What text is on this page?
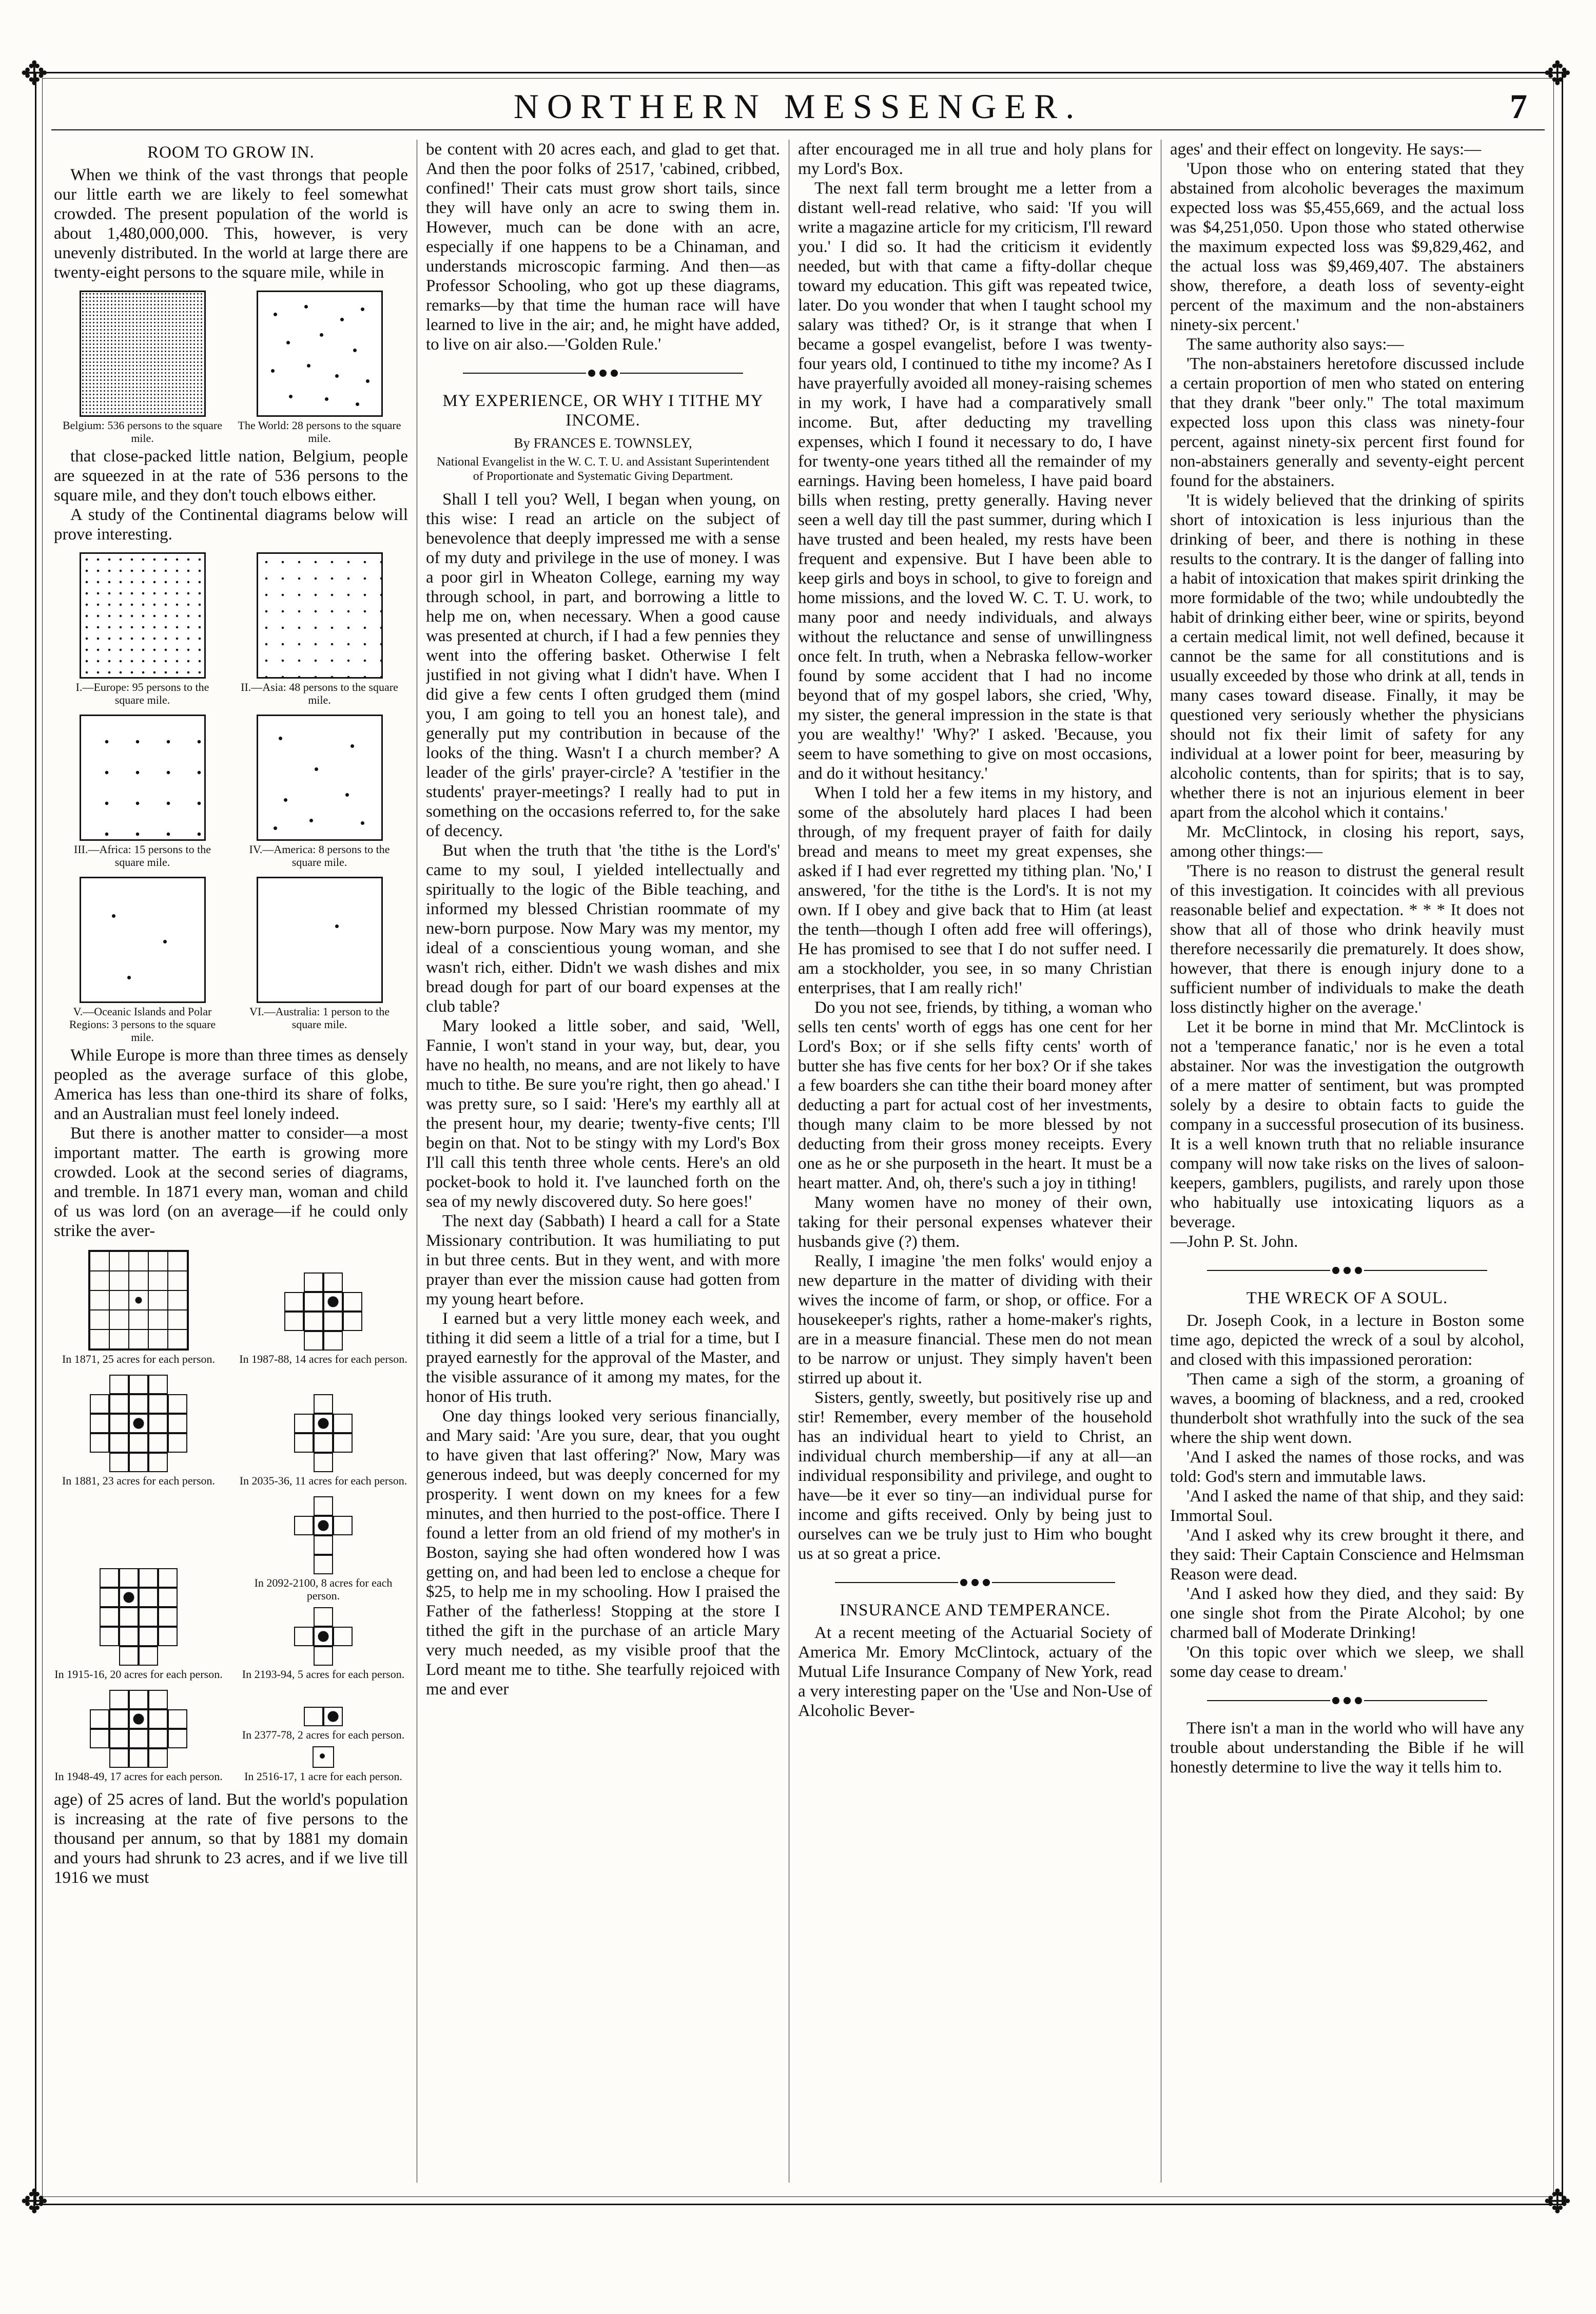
✥	✥
✥	✥
NORTHERN MESSENGER.	7
ROOM TO GROW IN.

When we think of the vast throngs that people our little earth we are likely to feel somewhat crowded. The present population of the world is about 1,480,000,000. This, however, is very unevenly distributed. In the world at large there are twenty-eight persons to the square mile, while in

Belgium: 536 persons to the square mile.
The World: 28 persons to the square mile.

that close-packed little nation, Belgium, people are squeezed in at the rate of 536 persons to the square mile, and they don't touch elbows either.

A study of the Continental diagrams below will prove interesting.

I.—Europe: 95 persons to the square mile.
II.—Asia: 48 persons to the square mile.
III.—Africa: 15 persons to the square mile.
IV.—America: 8 persons to the square mile.
V.—Oceanic Islands and Polar Regions: 3 persons to the square mile.
VI.—Australia: 1 person to the square mile.

While Europe is more than three times as densely peopled as the average surface of this globe, America has less than one-third its share of folks, and an Australian must feel lonely indeed.

But there is another matter to consider—a most important matter. The earth is growing more crowded. Look at the second series of diagrams, and tremble. In 1871 every man, woman and child of us was lord (on an average—if he could only strike the aver-

In 1871, 25 acres for each person.	In 1987-88, 14 acres for each person.
In 1881, 23 acres for each person.	In 2035-36, 11 acres for each person.
In 1915-16, 20 acres for each person.
In 2092-2100, 8 acres for each person.
In 2193-94, 5 acres for each person.
In 1948-49, 17 acres for each person.
In 2377-78, 2 acres for each person.
In 2516-17, 1 acre for each person.

age) of 25 acres of land. But the world's population is increasing at the rate of five persons to the thousand per annum, so that by 1881 my domain and yours had shrunk to 23 acres, and if we live till 1916 we must

be content with 20 acres each, and glad to get that. And then the poor folks of 2517, 'cabined, cribbed, confined!' Their cats must grow short tails, since they will have only an acre to swing them in. However, much can be done with an acre, especially if one happens to be a Chinaman, and understands microscopic farming. And then—as Professor Schooling, who got up these diagrams, remarks—by that time the human race will have learned to live in the air; and, he might have added, to live on air also.—'Golden Rule.'

MY EXPERIENCE, OR WHY I TITHE MY INCOME.
By FRANCES E. TOWNSLEY,
National Evangelist in the W. C. T. U. and Assistant Superintendent of Proportionate and Systematic Giving Department.

Shall I tell you? Well, I began when young, on this wise: I read an article on the subject of benevolence that deeply impressed me with a sense of my duty and privilege in the use of money. I was a poor girl in Wheaton College, earning my way through school, in part, and borrowing a little to help me on, when necessary. When a good cause was presented at church, if I had a few pennies they went into the offering basket. Otherwise I felt justified in not giving what I didn't have. When I did give a few cents I often grudged them (mind you, I am going to tell you an honest tale), and generally put my contribution in because of the looks of the thing. Wasn't I a church member? A leader of the girls' prayer-circle? A 'testifier in the students' prayer-meetings? I really had to put in something on the occasions referred to, for the sake of decency.

But when the truth that 'the tithe is the Lord's' came to my soul, I yielded intellectually and spiritually to the logic of the Bible teaching, and informed my blessed Christian roommate of my new-born purpose. Now Mary was my mentor, my ideal of a conscientious young woman, and she wasn't rich, either. Didn't we wash dishes and mix bread dough for part of our board expenses at the club table?

Mary looked a little sober, and said, 'Well, Fannie, I won't stand in your way, but, dear, you have no health, no means, and are not likely to have much to tithe. Be sure you're right, then go ahead.' I was pretty sure, so I said: 'Here's my earthly all at the present hour, my dearie; twenty-five cents; I'll begin on that. Not to be stingy with my Lord's Box I'll call this tenth three whole cents. Here's an old pocket-book to hold it. I've launched forth on the sea of my newly discovered duty. So here goes!'

The next day (Sabbath) I heard a call for a State Missionary contribution. It was humiliating to put in but three cents. But in they went, and with more prayer than ever the mission cause had gotten from my young heart before.

I earned but a very little money each week, and tithing it did seem a little of a trial for a time, but I prayed earnestly for the approval of the Master, and the visible assurance of it among my mates, for the honor of His truth.

One day things looked very serious financially, and Mary said: 'Are you sure, dear, that you ought to have given that last offering?' Now, Mary was generous indeed, but was deeply concerned for my prosperity. I went down on my knees for a few minutes, and then hurried to the post-office. There I found a letter from an old friend of my mother's in Boston, saying she had often wondered how I was getting on, and had been led to enclose a cheque for $25, to help me in my schooling. How I praised the Father of the fatherless! Stopping at the store I tithed the gift in the purchase of an article Mary very much needed, as my visible proof that the Lord meant me to tithe. She tearfully rejoiced with me and ever

after encouraged me in all true and holy plans for my Lord's Box.

The next fall term brought me a letter from a distant well-read relative, who said: 'If you will write a magazine article for my criticism, I'll reward you.' I did so. It had the criticism it evidently needed, but with that came a fifty-dollar cheque toward my education. This gift was repeated twice, later. Do you wonder that when I taught school my salary was tithed? Or, is it strange that when I became a gospel evangelist, before I was twenty-four years old, I continued to tithe my income? As I have prayerfully avoided all money-raising schemes in my work, I have had a comparatively small income. But, after deducting my travelling expenses, which I found it necessary to do, I have for twenty-one years tithed all the remainder of my earnings. Having been homeless, I have paid board bills when resting, pretty generally. Having never seen a well day till the past summer, during which I have trusted and been healed, my rests have been frequent and expensive. But I have been able to keep girls and boys in school, to give to foreign and home missions, and the loved W. C. T. U. work, to many poor and needy individuals, and always without the reluctance and sense of unwillingness once felt. In truth, when a Nebraska fellow-worker found by some accident that I had no income beyond that of my gospel labors, she cried, 'Why, my sister, the general impression in the state is that you are wealthy!' 'Why?' I asked. 'Because, you seem to have something to give on most occasions, and do it without hesitancy.'

When I told her a few items in my history, and some of the absolutely hard places I had been through, of my frequent prayer of faith for daily bread and means to meet my great expenses, she asked if I had ever regretted my tithing plan. 'No,' I answered, 'for the tithe is the Lord's. It is not my own. If I obey and give back that to Him (at least the tenth—though I often add free will offerings), He has promised to see that I do not suffer need. I am a stockholder, you see, in so many Christian enterprises, that I am really rich!'

Do you not see, friends, by tithing, a woman who sells ten cents' worth of eggs has one cent for her Lord's Box; or if she sells fifty cents' worth of butter she has five cents for her box? Or if she takes a few boarders she can tithe their board money after deducting a part for actual cost of her investments, though many claim to be more blessed by not deducting from their gross money receipts. Every one as he or she purposeth in the heart. It must be a heart matter. And, oh, there's such a joy in tithing!

Many women have no money of their own, taking for their personal expenses whatever their husbands give (?) them.

Really, I imagine 'the men folks' would enjoy a new departure in the matter of dividing with their wives the income of farm, or shop, or office. For a housekeeper's rights, rather a home-maker's rights, are in a measure financial. These men do not mean to be narrow or unjust. They simply haven't been stirred up about it.

Sisters, gently, sweetly, but positively rise up and stir! Remember, every member of the household has an individual heart to yield to Christ, an individual church membership—if any at all—an individual responsibility and privilege, and ought to have—be it ever so tiny—an individual purse for income and gifts received. Only by being just to ourselves can we be truly just to Him who bought us at so great a price.

INSURANCE AND TEMPERANCE.

At a recent meeting of the Actuarial Society of America Mr. Emory McClintock, actuary of the Mutual Life Insurance Company of New York, read a very interesting paper on the 'Use and Non-Use of Alcoholic Bever-

ages' and their effect on longevity. He says:—

'Upon those who on entering stated that they abstained from alcoholic beverages the maximum expected loss was $5,455,669, and the actual loss was $4,251,050. Upon those who stated otherwise the maximum expected loss was $9,829,462, and the actual loss was $9,469,407. The abstainers show, therefore, a death loss of seventy-eight percent of the maximum and the non-abstainers ninety-six percent.'

The same authority also says:—

'The non-abstainers heretofore discussed include a certain proportion of men who stated on entering that they drank "beer only." The total maximum expected loss upon this class was ninety-four percent, against ninety-six percent first found for non-abstainers generally and seventy-eight percent found for the abstainers.

'It is widely believed that the drinking of spirits short of intoxication is less injurious than the drinking of beer, and there is nothing in these results to the contrary. It is the danger of falling into a habit of intoxication that makes spirit drinking the more formidable of the two; while undoubtedly the habit of drinking either beer, wine or spirits, beyond a certain medical limit, not well defined, because it cannot be the same for all constitutions and is usually exceeded by those who drink at all, tends in many cases toward disease. Finally, it may be questioned very seriously whether the physicians should not fix their limit of safety for any individual at a lower point for beer, measuring by alcoholic contents, than for spirits; that is to say, whether there is not an injurious element in beer apart from the alcohol which it contains.'

Mr. McClintock, in closing his report, says, among other things:—

'There is no reason to distrust the general result of this investigation. It coincides with all previous reasonable belief and expectation. * * * It does not show that all of those who drink heavily must therefore necessarily die prematurely. It does show, however, that there is enough injury done to a sufficient number of individuals to make the death loss distinctly higher on the average.'

Let it be borne in mind that Mr. McClintock is not a 'temperance fanatic,' nor is he even a total abstainer. Nor was the investigation the outgrowth of a mere matter of sentiment, but was prompted solely by a desire to obtain facts to guide the company in a successful prosecution of its business. It is a well known truth that no reliable insurance company will now take risks on the lives of saloon-keepers, gamblers, pugilists, and rarely upon those who habitually use intoxicating liquors as a beverage.

—John P. St. John.

THE WRECK OF A SOUL.

Dr. Joseph Cook, in a lecture in Boston some time ago, depicted the wreck of a soul by alcohol, and closed with this impassioned peroration:

'Then came a sigh of the storm, a groaning of waves, a booming of blackness, and a red, crooked thunderbolt shot wrathfully into the suck of the sea where the ship went down.

'And I asked the names of those rocks, and was told: God's stern and immutable laws.

'And I asked the name of that ship, and they said: Immortal Soul.

'And I asked why its crew brought it there, and they said: Their Captain Conscience and Helmsman Reason were dead.

'And I asked how they died, and they said: By one single shot from the Pirate Alcohol; by one charmed ball of Moderate Drinking!

'On this topic over which we sleep, we shall some day cease to dream.'

There isn't a man in the world who will have any trouble about understanding the Bible if he will honestly determine to live the way it tells him to.
